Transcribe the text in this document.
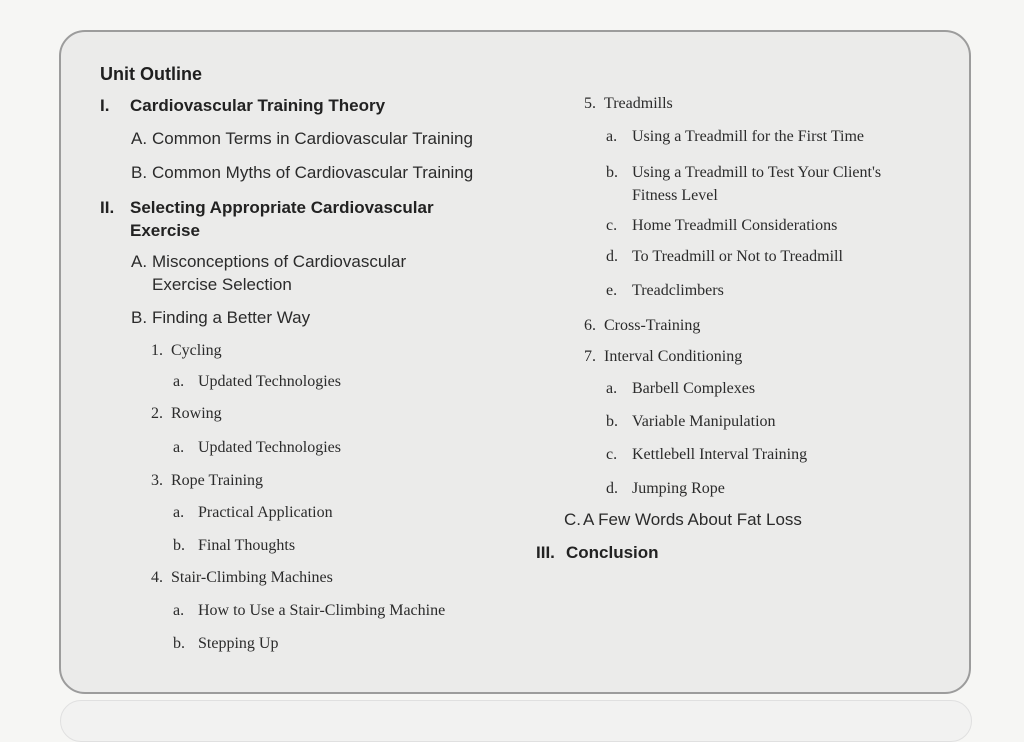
Unit Outline
I. Cardiovascular Training Theory
A. Common Terms in Cardiovascular Training
B. Common Myths of Cardiovascular Training
II. Selecting Appropriate Cardiovascular
Exercise
A. Misconceptions of Cardiovascular
Exercise Selection
B. Finding a Better Way
1. Cycling
a. Updated Technologies
2. Rowing
a. Updated Technologies
3. Rope Training
a. Practical Application
b. Final Thoughts
4. Stair-Climbing Machines
a. How to Use a Stair-Climbing Machine
b. Stepping Up
5. Treadmills
a. Using a Treadmill for the First Time
b. Using a Treadmill to Test Your Client's
Fitness Level
c. Home Treadmill Considerations
d. To Treadmill or Not to Treadmill
e. Treadclimbers
6. Cross-Training
7. Interval Conditioning
a. Barbell Complexes
b. Variable Manipulation
c. Kettlebell Interval Training
d. Jumping Rope
C. A Few Words About Fat Loss
III. Conclusion
